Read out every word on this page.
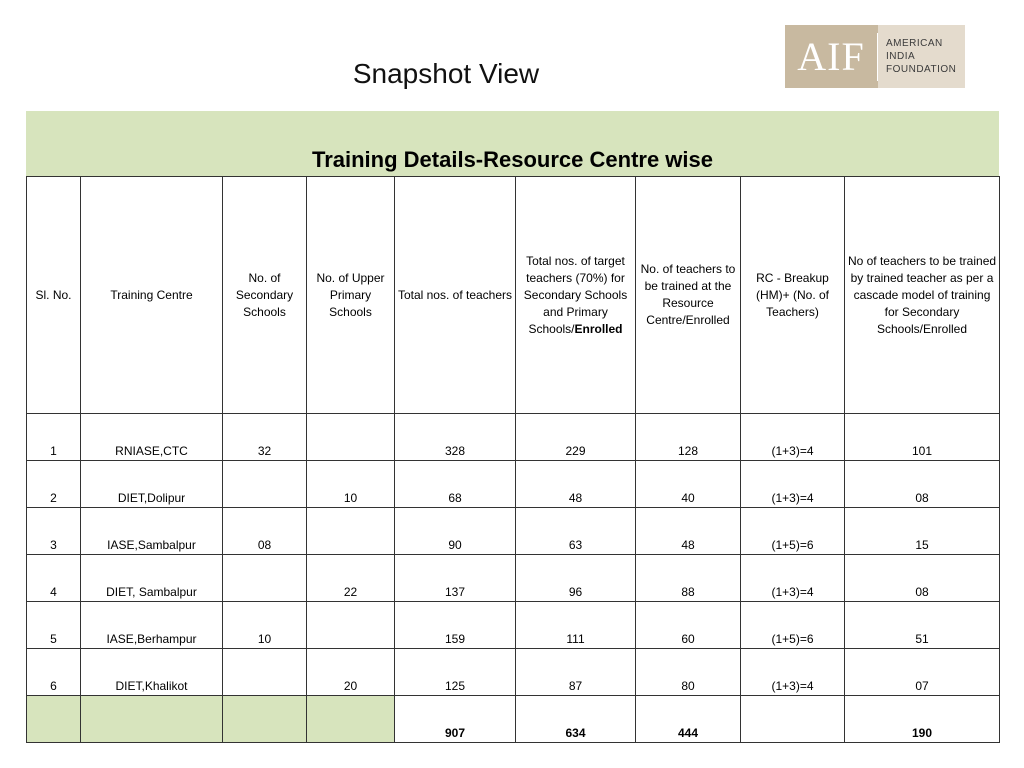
Snapshot View	AIF	AMERICAN
INDIA
FOUNDATION
Training Details-Resource Centre wise
Sl. No.	Training Centre	No. of Secondary Schools	No. of Upper Primary Schools	Total nos. of teachers	Total nos. of target teachers (70%) for Secondary Schools and Primary Schools/Enrolled	No. of teachers to be trained at the Resource Centre/Enrolled	RC - Breakup (HM)+ (No. of Teachers)	No of teachers to be trained by trained teacher as per a cascade model of training for Secondary Schools/Enrolled
1	RNIASE,CTC	32		328	229	128	(1+3)=4	101
2	DIET,Dolipur		10	68	48	40	(1+3)=4	08
3	IASE,Sambalpur	08		90	63	48	(1+5)=6	15
4	DIET, Sambalpur		22	137	96	88	(1+3)=4	08
5	IASE,Berhampur	10		159	111	60	(1+5)=6	51
6	DIET,Khalikot		20	125	87	80	(1+3)=4	07
				907	634	444		190
